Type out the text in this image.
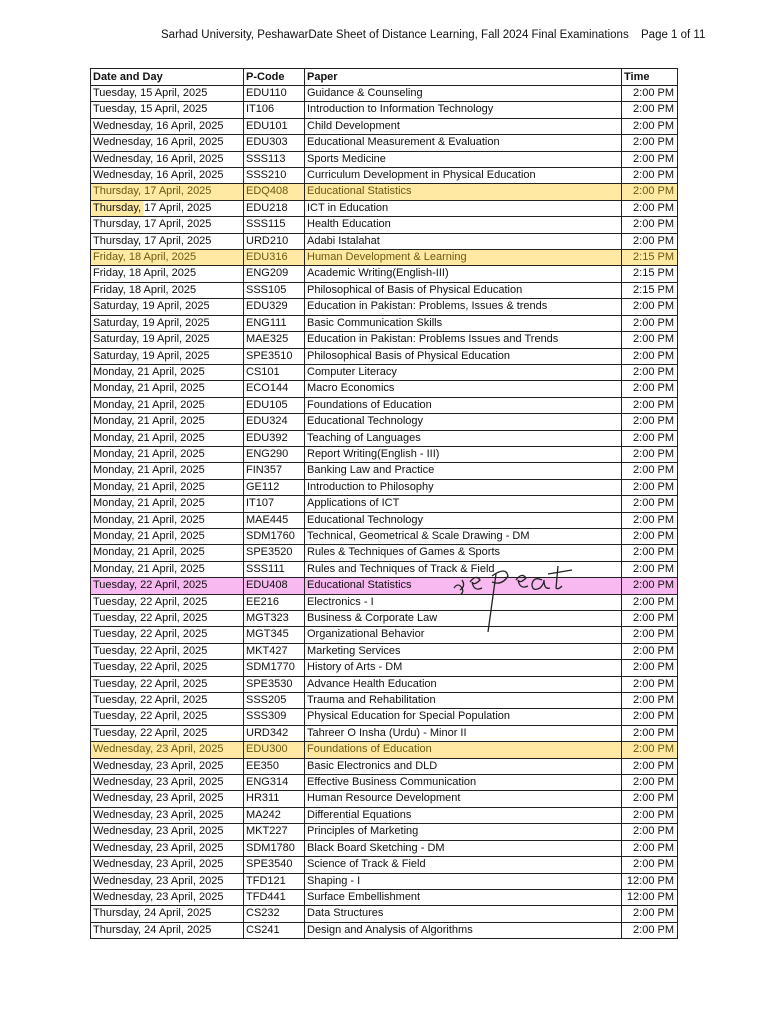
Sarhad University, PeshawarDate Sheet of Distance Learning, Fall 2024 Final Examinations Page 1 of 11
Date and Day	P-Code	Paper	Time
Tuesday, 15 April, 2025	EDU110	Guidance & Counseling	2:00 PM
Tuesday, 15 April, 2025	IT106	Introduction to Information Technology	2:00 PM
Wednesday, 16 April, 2025	EDU101	Child Development	2:00 PM
Wednesday, 16 April, 2025	EDU303	Educational Measurement & Evaluation	2:00 PM
Wednesday, 16 April, 2025	SSS113	Sports Medicine	2:00 PM
Wednesday, 16 April, 2025	SSS210	Curriculum Development in Physical Education	2:00 PM
Thursday, 17 April, 2025	EDQ408	Educational Statistics	2:00 PM
Thursday, 17 April, 2025	EDU218	ICT in Education	2:00 PM
Thursday, 17 April, 2025	SSS115	Health Education	2:00 PM
Thursday, 17 April, 2025	URD210	Adabi Istalahat	2:00 PM
Friday, 18 April, 2025	EDU316	Human Development & Learning	2:15 PM
Friday, 18 April, 2025	ENG209	Academic Writing(English-III)	2:15 PM
Friday, 18 April, 2025	SSS105	Philosophical of Basis of Physical Education	2:15 PM
Saturday, 19 April, 2025	EDU329	Education in Pakistan: Problems, Issues & trends	2:00 PM
Saturday, 19 April, 2025	ENG111	Basic Communication Skills	2:00 PM
Saturday, 19 April, 2025	MAE325	Education in Pakistan: Problems Issues and Trends	2:00 PM
Saturday, 19 April, 2025	SPE3510	Philosophical Basis of Physical Education	2:00 PM
Monday, 21 April, 2025	CS101	Computer Literacy	2:00 PM
Monday, 21 April, 2025	ECO144	Macro Economics	2:00 PM
Monday, 21 April, 2025	EDU105	Foundations of Education	2:00 PM
Monday, 21 April, 2025	EDU324	Educational Technology	2:00 PM
Monday, 21 April, 2025	EDU392	Teaching of Languages	2:00 PM
Monday, 21 April, 2025	ENG290	Report Writing(English - III)	2:00 PM
Monday, 21 April, 2025	FIN357	Banking Law and Practice	2:00 PM
Monday, 21 April, 2025	GE112	Introduction to Philosophy	2:00 PM
Monday, 21 April, 2025	IT107	Applications of ICT	2:00 PM
Monday, 21 April, 2025	MAE445	Educational Technology	2:00 PM
Monday, 21 April, 2025	SDM1760	Technical, Geometrical & Scale Drawing - DM	2:00 PM
Monday, 21 April, 2025	SPE3520	Rules & Techniques of Games & Sports	2:00 PM
Monday, 21 April, 2025	SSS111	Rules and Techniques of Track & Field	2:00 PM
Tuesday, 22 April, 2025	EDU408	Educational Statistics	2:00 PM
Tuesday, 22 April, 2025	EE216	Electronics - I	2:00 PM
Tuesday, 22 April, 2025	MGT323	Business & Corporate Law	2:00 PM
Tuesday, 22 April, 2025	MGT345	Organizational Behavior	2:00 PM
Tuesday, 22 April, 2025	MKT427	Marketing Services	2:00 PM
Tuesday, 22 April, 2025	SDM1770	History of Arts - DM	2:00 PM
Tuesday, 22 April, 2025	SPE3530	Advance Health Education	2:00 PM
Tuesday, 22 April, 2025	SSS205	Trauma and Rehabilitation	2:00 PM
Tuesday, 22 April, 2025	SSS309	Physical Education for Special Population	2:00 PM
Tuesday, 22 April, 2025	URD342	Tahreer O Insha (Urdu) - Minor II	2:00 PM
Wednesday, 23 April, 2025	EDU300	Foundations of Education	2:00 PM
Wednesday, 23 April, 2025	EE350	Basic Electronics and DLD	2:00 PM
Wednesday, 23 April, 2025	ENG314	Effective Business Communication	2:00 PM
Wednesday, 23 April, 2025	HR311	Human Resource Development	2:00 PM
Wednesday, 23 April, 2025	MA242	Differential Equations	2:00 PM
Wednesday, 23 April, 2025	MKT227	Principles of Marketing	2:00 PM
Wednesday, 23 April, 2025	SDM1780	Black Board Sketching - DM	2:00 PM
Wednesday, 23 April, 2025	SPE3540	Science of Track & Field	2:00 PM
Wednesday, 23 April, 2025	TFD121	Shaping - I	12:00 PM
Wednesday, 23 April, 2025	TFD441	Surface Embellishment	12:00 PM
Thursday, 24 April, 2025	CS232	Data Structures	2:00 PM
Thursday, 24 April, 2025	CS241	Design and Analysis of Algorithms	2:00 PM
